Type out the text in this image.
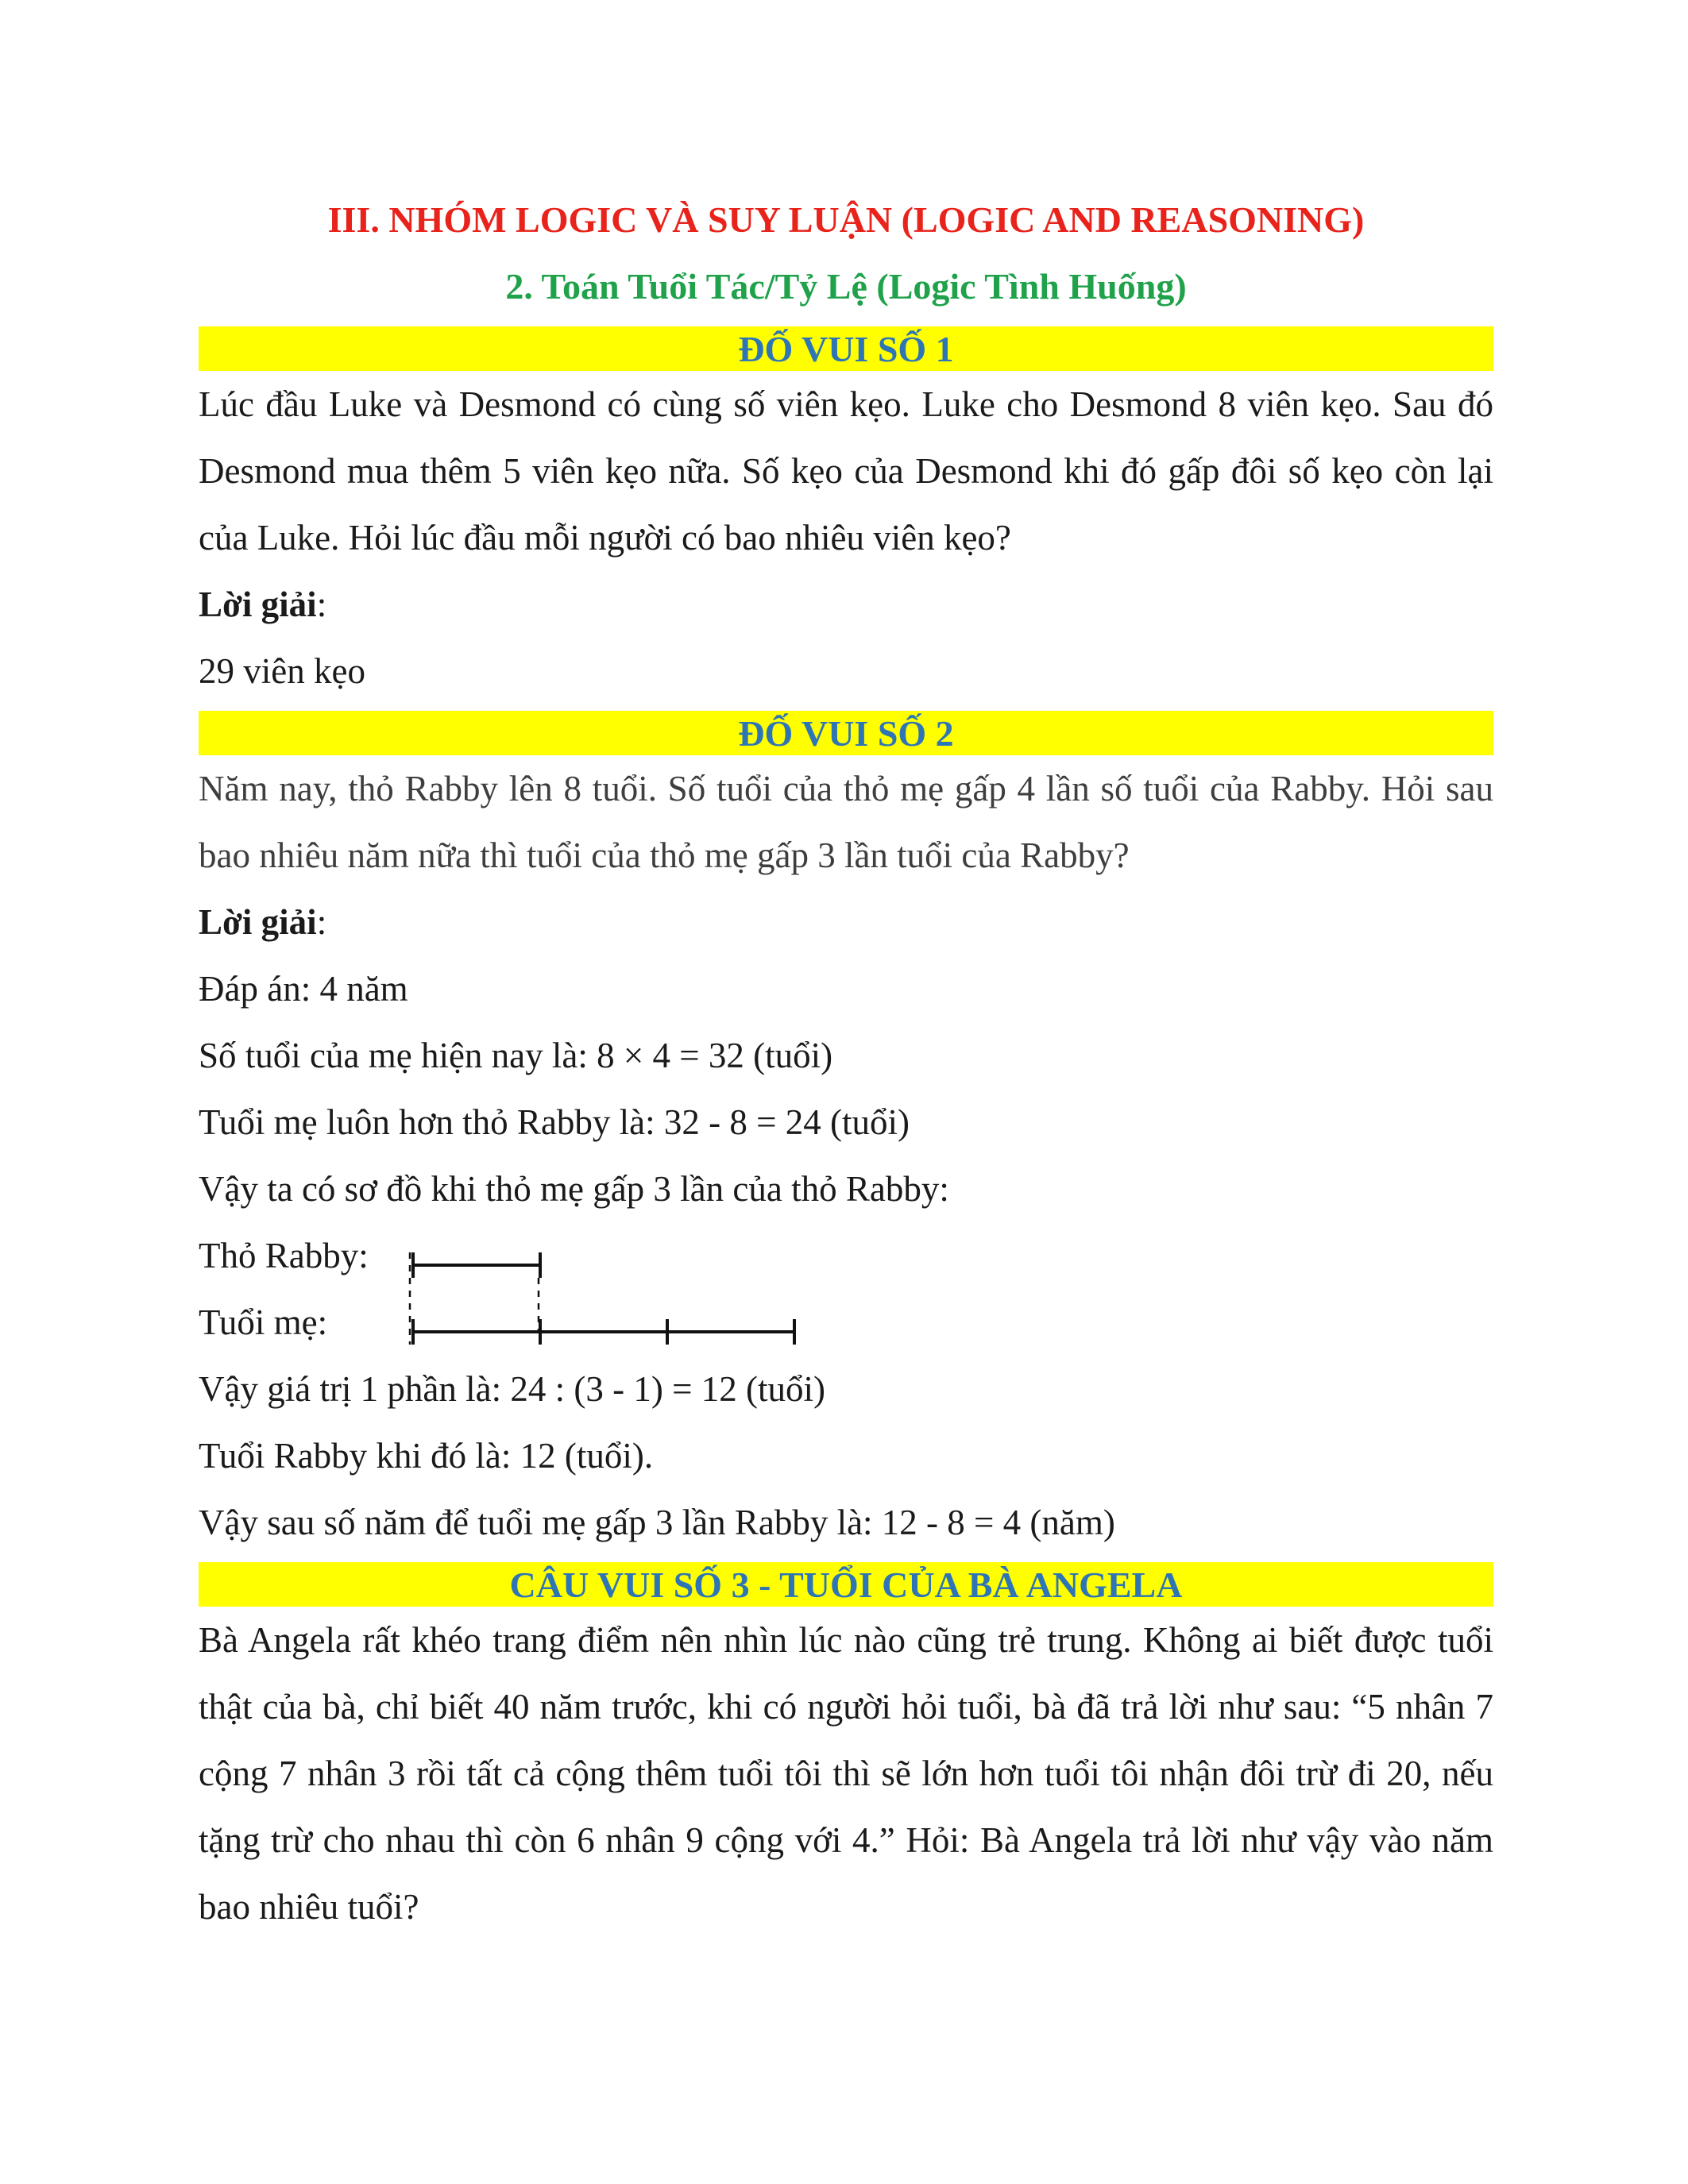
III. NHÓM LOGIC VÀ SUY LUẬN (LOGIC AND REASONING)
2. Toán Tuổi Tác/Tỷ Lệ (Logic Tình Huống)
ĐỐ VUI SỐ 1

Lúc đầu Luke và Desmond có cùng số viên kẹo. Luke cho Desmond 8 viên kẹo. Sau đó Desmond mua thêm 5 viên kẹo nữa. Số kẹo của Desmond khi đó gấp đôi số kẹo còn lại của Luke. Hỏi lúc đầu mỗi người có bao nhiêu viên kẹo?

Lời giải:

29 viên kẹo

ĐỐ VUI SỐ 2

Năm nay, thỏ Rabby lên 8 tuổi. Số tuổi của thỏ mẹ gấp 4 lần số tuổi của Rabby. Hỏi sau bao nhiêu năm nữa thì tuổi của thỏ mẹ gấp 3 lần tuổi của Rabby?

Lời giải:

Đáp án: 4 năm

Số tuổi của mẹ hiện nay là: 8 × 4 = 32 (tuổi)

Tuổi mẹ luôn hơn thỏ Rabby là: 32 - 8 = 24 (tuổi)

Vậy ta có sơ đồ khi thỏ mẹ gấp 3 lần của thỏ Rabby:

Thỏ Rabby:
Tuổi mẹ:

Vậy giá trị 1 phần là: 24 : (3 - 1) = 12 (tuổi)

Tuổi Rabby khi đó là: 12 (tuổi).

Vậy sau số năm để tuổi mẹ gấp 3 lần Rabby là: 12 - 8 = 4 (năm)

CÂU VUI SỐ 3 - TUỔI CỦA BÀ ANGELA

Bà Angela rất khéo trang điểm nên nhìn lúc nào cũng trẻ trung. Không ai biết được tuổi thật của bà, chỉ biết 40 năm trước, khi có người hỏi tuổi, bà đã trả lời như sau: “5 nhân 7 cộng 7 nhân 3 rồi tất cả cộng thêm tuổi tôi thì sẽ lớn hơn tuổi tôi nhận đôi trừ đi 20, nếu tặng trừ cho nhau thì còn 6 nhân 9 cộng với 4.” Hỏi: Bà Angela trả lời như vậy vào năm bao nhiêu tuổi?
